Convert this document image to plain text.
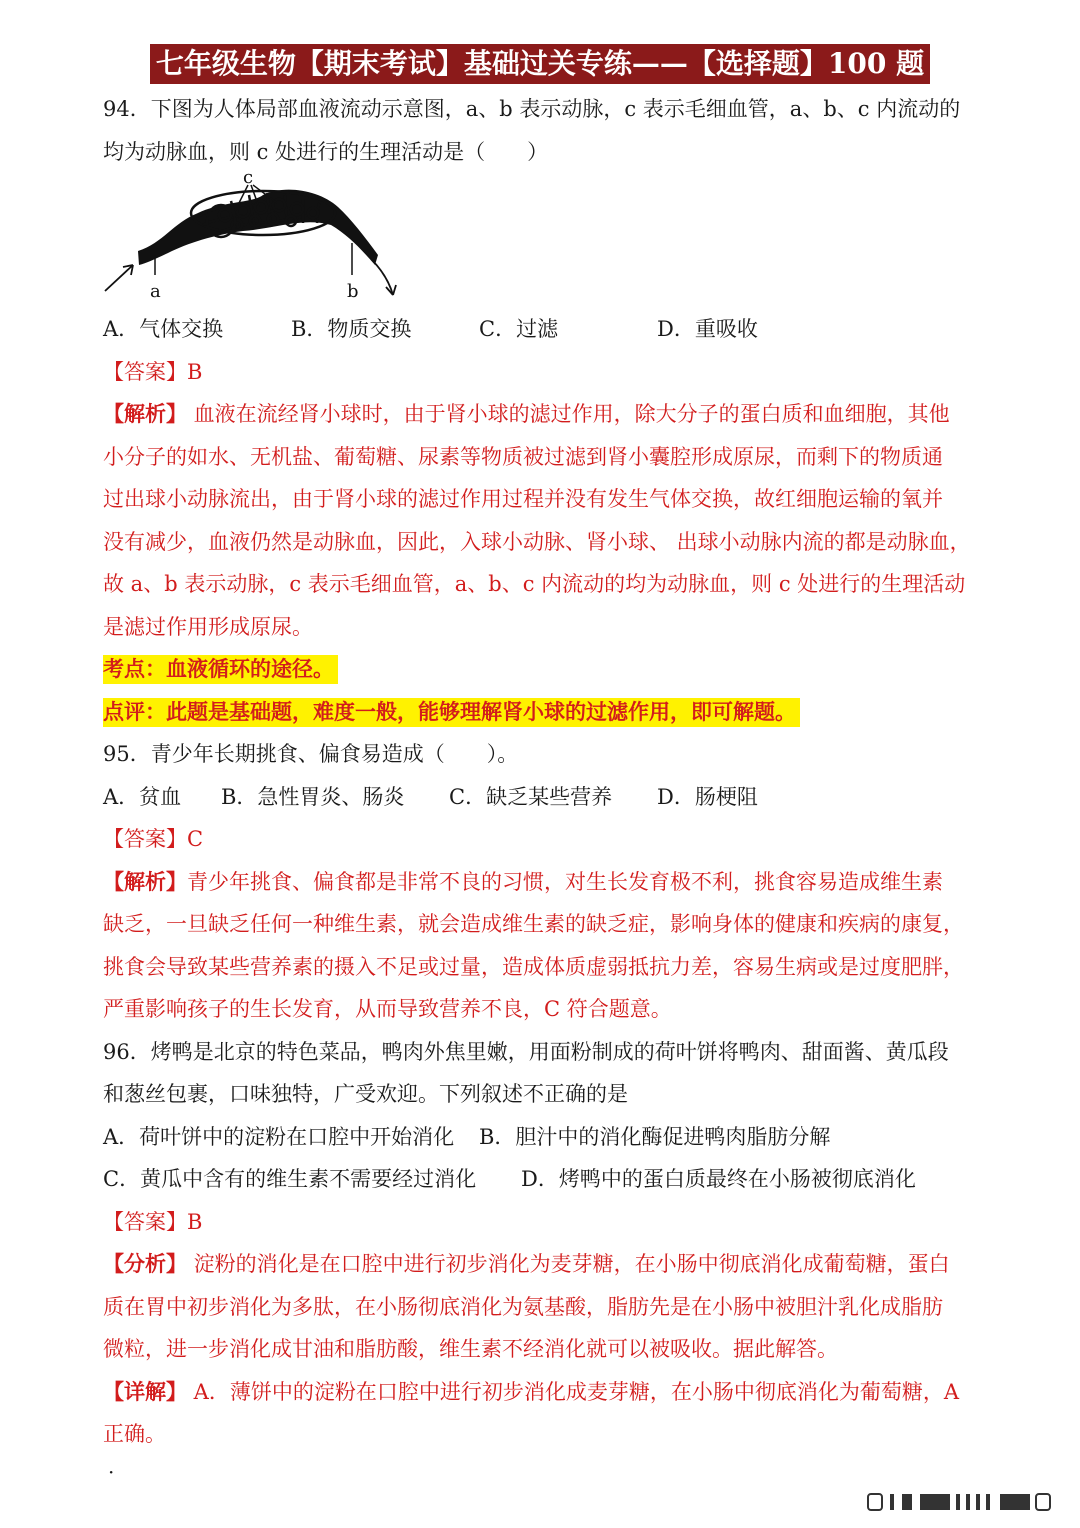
七年级生物【期末考试】基础过关专练——【选择题】100 题

94．下图为人体局部血液流动示意图，a、b 表示动脉，c 表示毛细血管，a、b、c 内流动的

均为动脉血，则 c 处进行的生理活动是（　　）

c
a	b
A．气体交换	B．物质交换	C．过滤	D．重吸收

【答案】B

【解析】 血液在流经肾小球时，由于肾小球的滤过作用，除大分子的蛋白质和血细胞，其他

小分子的如水、无机盐、葡萄糖、尿素等物质被过滤到肾小囊腔形成原尿，而剩下的物质通

过出球小动脉流出，由于肾小球的滤过作用过程并没有发生气体交换，故红细胞运输的氧并

没有减少，血液仍然是动脉血，因此，入球小动脉、肾小球、 出球小动脉内流的都是动脉血，

故 a、b 表示动脉，c 表示毛细血管，a、b、c 内流动的均为动脉血，则 c 处进行的生理活动

是滤过作用形成原尿。

考点：血液循环的途径。

点评：此题是基础题，难度一般，能够理解肾小球的过滤作用，即可解题。

95．青少年长期挑食、偏食易造成（　　）。

A．贫血	B．急性胃炎、肠炎	C．缺乏某些营养	D．肠梗阻

【答案】C

【解析】青少年挑食、偏食都是非常不良的习惯，对生长发育极不利，挑食容易造成维生素

缺乏，一旦缺乏任何一种维生素，就会造成维生素的缺乏症，影响身体的健康和疾病的康复，

挑食会导致某些营养素的摄入不足或过量，造成体质虚弱抵抗力差，容易生病或是过度肥胖，

严重影响孩子的生长发育，从而导致营养不良，C 符合题意。

96．烤鸭是北京的特色菜品，鸭肉外焦里嫩，用面粉制成的荷叶饼将鸭肉、甜面酱、黄瓜段

和葱丝包裹，口味独特，广受欢迎。下列叙述不正确的是

A．荷叶饼中的淀粉在口腔中开始消化	B．胆汁中的消化酶促进鸭肉脂肪分解
C．黄瓜中含有的维生素不需要经过消化	D．烤鸭中的蛋白质最终在小肠被彻底消化

【答案】B

【分析】 淀粉的消化是在口腔中进行初步消化为麦芽糖，在小肠中彻底消化成葡萄糖，蛋白

质在胃中初步消化为多肽，在小肠彻底消化为氨基酸，脂肪先是在小肠中被胆汁乳化成脂肪

微粒，进一步消化成甘油和脂肪酸，维生素不经消化就可以被吸收。据此解答。

【详解】 A．薄饼中的淀粉在口腔中进行初步消化成麦芽糖，在小肠中彻底消化为葡萄糖，A

正确。

·
